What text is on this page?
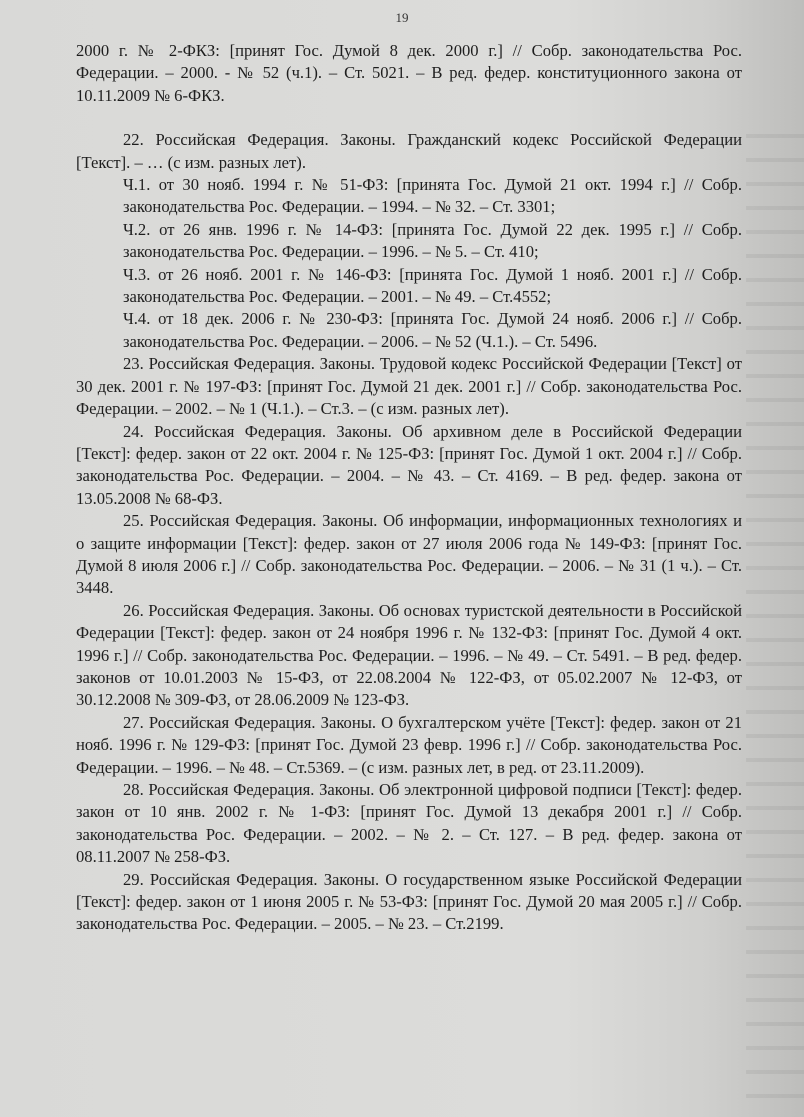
19

2000 г. № 2-ФКЗ: [принят Гос. Думой 8 дек. 2000 г.] // Собр. законодательства Рос. Федерации. – 2000. - № 52 (ч.1). – Ст. 5021. – В ред. федер. конституционного закона от 10.11.2009 № 6-ФКЗ.

22. Российская Федерация. Законы. Гражданский кодекс Российской Федерации [Текст]. – … (с изм. разных лет).

Ч.1. от 30 нояб. 1994 г. № 51-ФЗ: [принята Гос. Думой 21 окт. 1994 г.] // Собр. законодательства Рос. Федерации. – 1994. – № 32. – Ст. 3301;

Ч.2. от 26 янв. 1996 г. № 14-ФЗ: [принята Гос. Думой 22 дек. 1995 г.] // Собр. законодательства Рос. Федерации. – 1996. – № 5. – Ст. 410;

Ч.3. от 26 нояб. 2001 г. № 146-ФЗ: [принята Гос. Думой 1 нояб. 2001 г.] // Собр. законодательства Рос. Федерации. – 2001. – № 49. – Ст.4552;

Ч.4. от 18 дек. 2006 г. № 230-ФЗ: [принята Гос. Думой 24 нояб. 2006 г.] // Собр. законодательства Рос. Федерации. – 2006. – № 52 (Ч.1.). – Ст. 5496.

23. Российская Федерация. Законы. Трудовой кодекс Российской Федерации [Текст] от 30 дек. 2001 г. № 197-ФЗ: [принят Гос. Думой 21 дек. 2001 г.] // Собр. законодательства Рос. Федерации. – 2002. – № 1 (Ч.1.). – Ст.3. – (с изм. разных лет).

24. Российская Федерация. Законы. Об архивном деле в Российской Федерации [Текст]: федер. закон от 22 окт. 2004 г. № 125-ФЗ: [принят Гос. Думой 1 окт. 2004 г.] // Собр. законодательства Рос. Федерации. – 2004. – № 43. – Ст. 4169. – В ред. федер. закона от 13.05.2008 № 68-ФЗ.

25. Российская Федерация. Законы. Об информации, информационных технологиях и о защите информации [Текст]: федер. закон от 27 июля 2006 года № 149-ФЗ: [принят Гос. Думой 8 июля 2006 г.] // Собр. законодательства Рос. Федерации. – 2006. – № 31 (1 ч.). – Ст. 3448.

26. Российская Федерация. Законы. Об основах туристской деятельности в Российской Федерации [Текст]: федер. закон от 24 ноября 1996 г. № 132-ФЗ: [принят Гос. Думой 4 окт. 1996 г.] // Собр. законодательства Рос. Федерации. – 1996. – № 49. – Ст. 5491. – В ред. федер. законов от 10.01.2003 № 15-ФЗ, от 22.08.2004 № 122-ФЗ, от 05.02.2007 № 12-ФЗ, от 30.12.2008 № 309-ФЗ, от 28.06.2009 № 123-ФЗ.

27. Российская Федерация. Законы. О бухгалтерском учёте [Текст]: федер. закон от 21 нояб. 1996 г. № 129-ФЗ: [принят Гос. Думой 23 февр. 1996 г.] // Собр. законодательства Рос. Федерации. – 1996. – № 48. – Ст.5369. – (с изм. разных лет, в ред. от 23.11.2009).

28. Российская Федерация. Законы. Об электронной цифровой подписи [Текст]: федер. закон от 10 янв. 2002 г. № 1-ФЗ: [принят Гос. Думой 13 декабря 2001 г.] // Собр. законодательства Рос. Федерации. – 2002. – № 2. – Ст. 127. – В ред. федер. закона от 08.11.2007 № 258-ФЗ.

29. Российская Федерация. Законы. О государственном языке Российской Федерации [Текст]: федер. закон от 1 июня 2005 г. № 53-ФЗ: [принят Гос. Думой 20 мая 2005 г.] // Собр. законодательства Рос. Федерации. – 2005. – № 23. – Ст.2199.
